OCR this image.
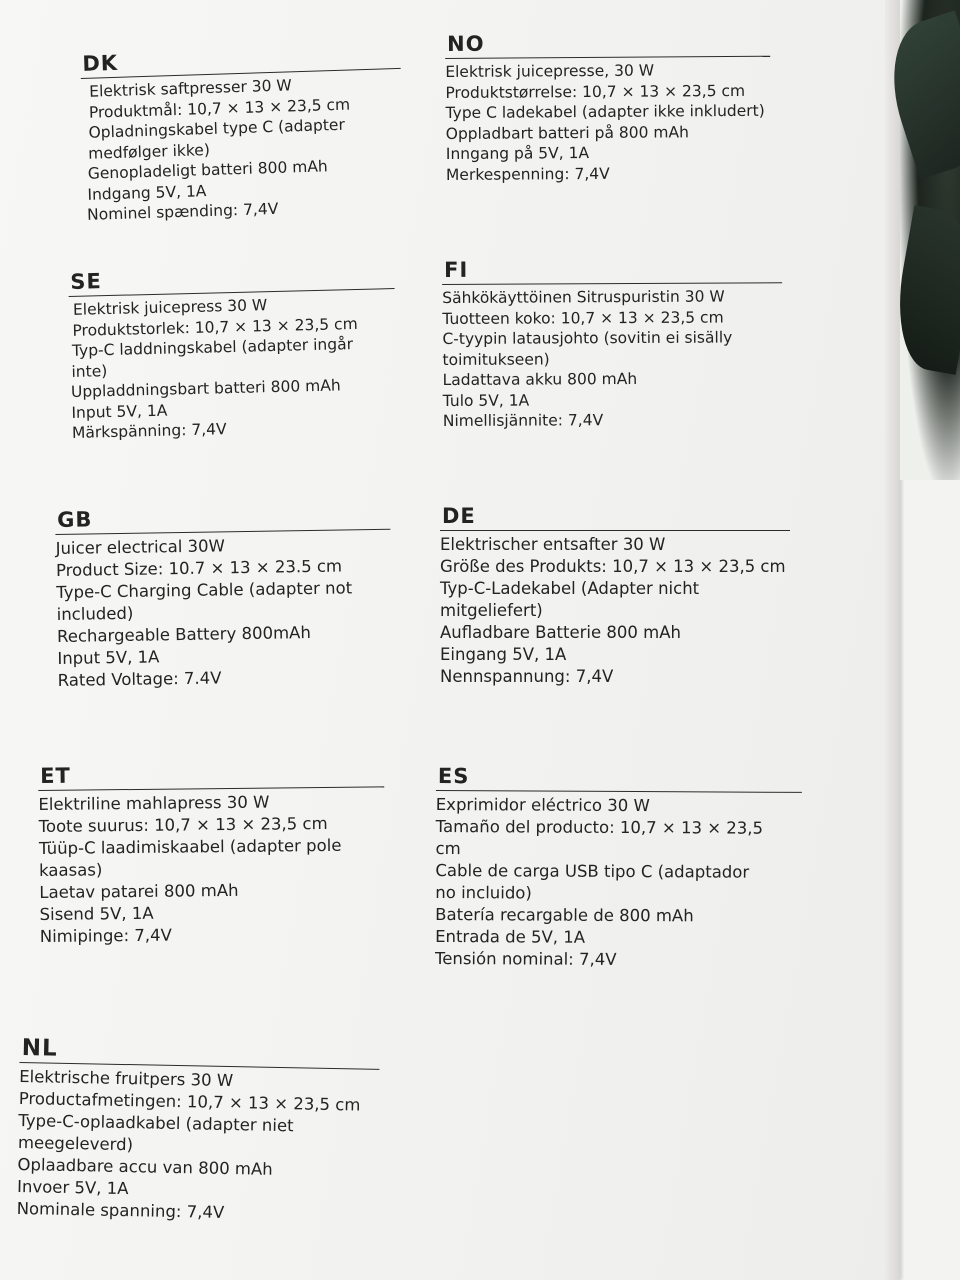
DK
Elektrisk saftpresser 30 W
Produktmål: 10,7 × 13 × 23,5 cm
Opladningskabel type C (adapter
medfølger ikke)
Genopladeligt batteri 800 mAh
Indgang 5V, 1A
Nominel spænding: 7,4V
NO
Elektrisk juicepresse, 30 W
Produktstørrelse: 10,7 × 13 × 23,5 cm
Type C ladekabel (adapter ikke inkludert)
Oppladbart batteri på 800 mAh
Inngang på 5V, 1A
Merkespenning: 7,4V
SE
Elektrisk juicepress 30 W
Produktstorlek: 10,7 × 13 × 23,5 cm
Typ-C laddningskabel (adapter ingår
inte)
Uppladdningsbart batteri 800 mAh
Input 5V, 1A
Märkspänning: 7,4V
FI
Sähkökäyttöinen Sitruspuristin 30 W
Tuotteen koko: 10,7 × 13 × 23,5 cm
C-tyypin latausjohto (sovitin ei sisälly
toimitukseen)
Ladattava akku 800 mAh
Tulo 5V, 1A
Nimellisjännite: 7,4V
GB
Juicer electrical 30W
Product Size: 10.7 × 13 × 23.5 cm
Type-C Charging Cable (adapter not
included)
Rechargeable Battery 800mAh
Input 5V, 1A
Rated Voltage: 7.4V
DE
Elektrischer entsafter 30 W
Größe des Produkts: 10,7 × 13 × 23,5 cm
Typ-C-Ladekabel (Adapter nicht
mitgeliefert)
Aufladbare Batterie 800 mAh
Eingang 5V, 1A
Nennspannung: 7,4V
ET
Elektriline mahlapress 30 W
Toote suurus: 10,7 × 13 × 23,5 cm
Tüüp-C laadimiskaabel (adapter pole
kaasas)
Laetav patarei 800 mAh
Sisend 5V, 1A
Nimipinge: 7,4V
ES
Exprimidor eléctrico 30 W
Tamaño del producto: 10,7 × 13 × 23,5
cm
Cable de carga USB tipo C (adaptador
no incluido)
Batería recargable de 800 mAh
Entrada de 5V, 1A
Tensión nominal: 7,4V
NL
Elektrische fruitpers 30 W
Productafmetingen: 10,7 × 13 × 23,5 cm
Type-C-oplaadkabel (adapter niet
meegeleverd)
Oplaadbare accu van 800 mAh
Invoer 5V, 1A
Nominale spanning: 7,4V
